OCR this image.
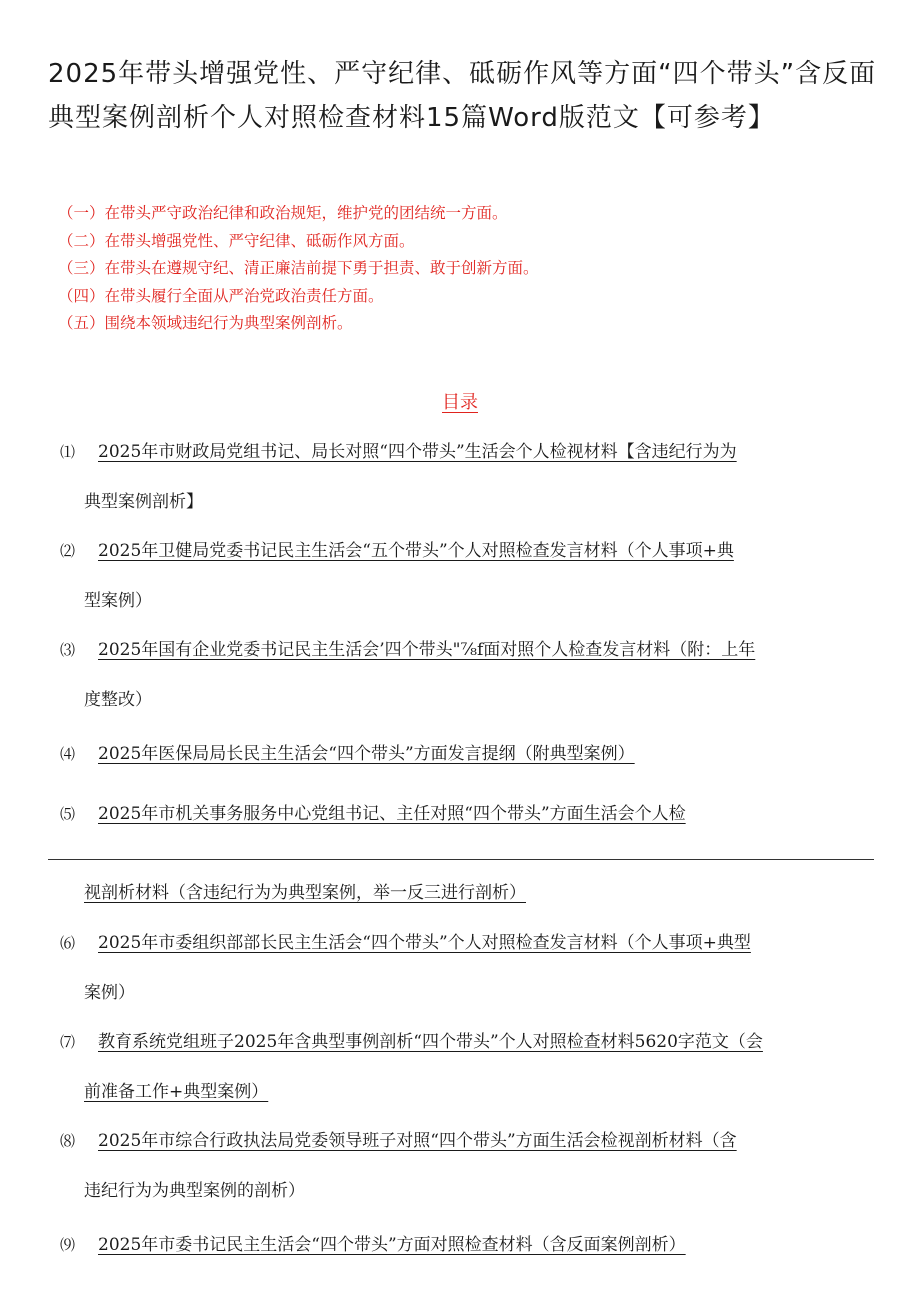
2025年带头增强党性、严守纪律、砥砺作风等方面“四个带头”含反面典型案例剖析个人对照检查材料15篇Word版范文【可参考】
（一）在带头严守政治纪律和政治规矩，维护党的团结统一方面。
（二）在带头增强党性、严守纪律、砥砺作风方面。
（三）在带头在遵规守纪、清正廉洁前提下勇于担责、敢于创新方面。
（四）在带头履行全面从严治党政治责任方面。
（五）围绕本领域违纪行为典型案例剖析。
目录
⑴ 2025年市财政局党组书记、局长对照“四个带头”生活会个人检视材料【含违纪行为为
典型案例剖析】
⑵ 2025年卫健局党委书记民主生活会“五个带头”个人对照检查发言材料（个人事项+典
型案例）
⑶ 2025年国有企业党委书记民主生活会’四个带头"⅞f面对照个人检查发言材料（附：上年
度整改）
⑷ 2025年医保局局长民主生活会“四个带头”方面发言提纲（附典型案例）
⑸ 2025年市机关事务服务中心党组书记、主任对照“四个带头”方面生活会个人检
视剖析材料（含违纪行为为典型案例，举一反三进行剖析）
⑹ 2025年市委组织部部长民主生活会“四个带头”个人对照检查发言材料（个人事项+典型
案例）
⑺ 教育系统党组班子2025年含典型事例剖析“四个带头”个人对照检查材料5620字范文（会
前准备工作+典型案例）
⑻ 2025年市综合行政执法局党委领导班子对照“四个带头”方面生活会检视剖析材料（含
违纪行为为典型案例的剖析）
⑼ 2025年市委书记民主生活会“四个带头”方面对照检查材料（含反面案例剖析）
